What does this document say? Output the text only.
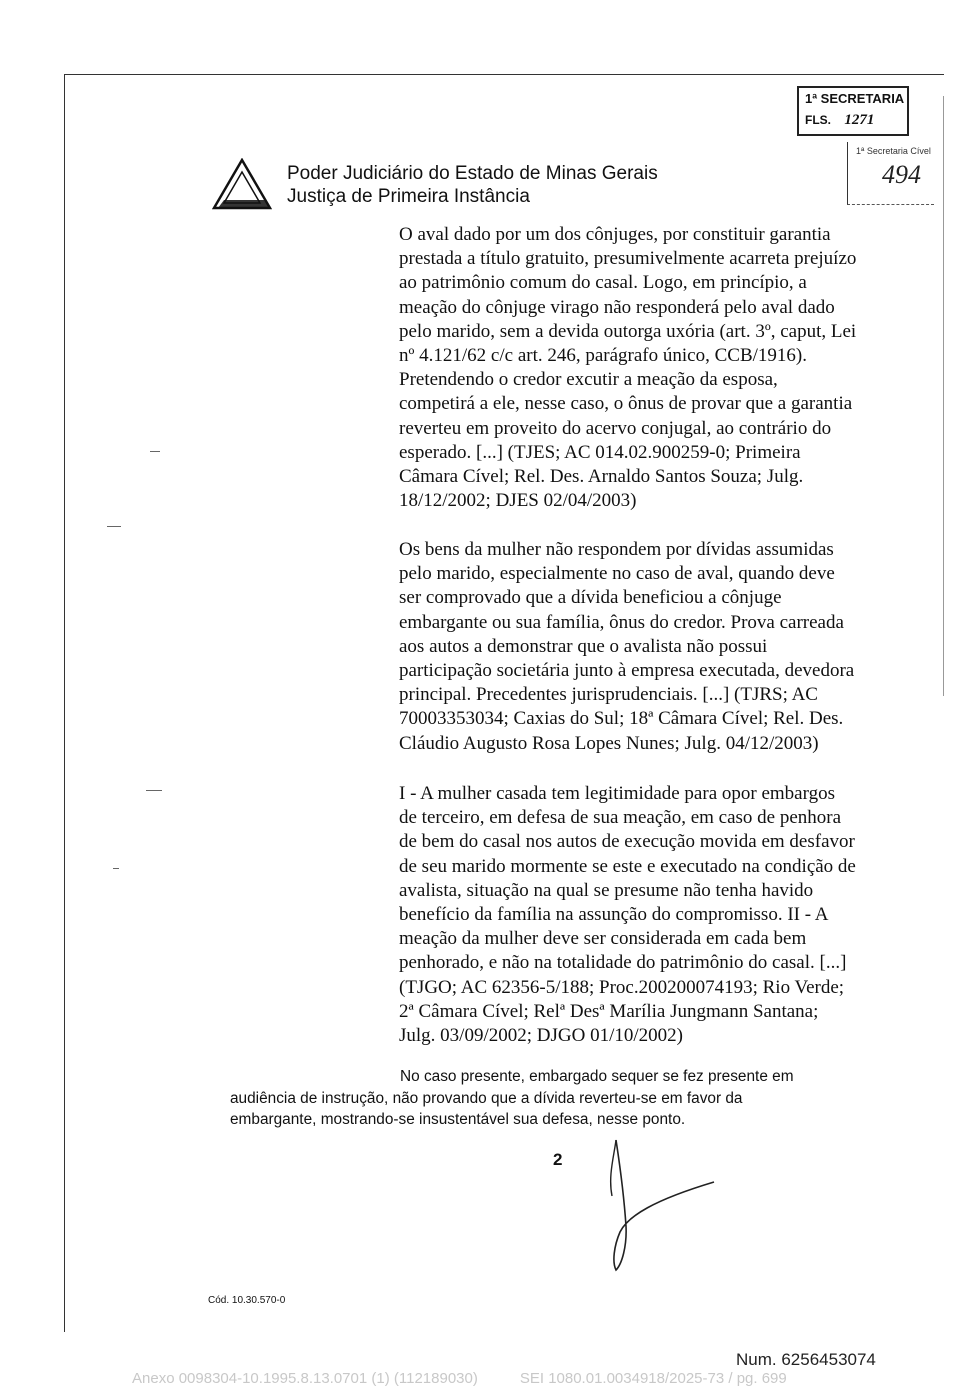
Poder Judiciário do Estado de Minas Gerais
Justiça de Primeira Instância
1ª SECRETARIA
FLS. 1271
1ª Secretaria Cível
494
O aval dado por um dos cônjuges, por constituir garantia
prestada a título gratuito, presumivelmente acarreta prejuízo
ao patrimônio comum do casal. Logo, em princípio, a
meação do cônjuge virago não responderá pelo aval dado
pelo marido, sem a devida outorga uxória (art. 3º, caput, Lei
nº 4.121/62 c/c art. 246, parágrafo único, CCB/1916).
Pretendendo o credor excutir a meação da esposa,
competirá a ele, nesse caso, o ônus de provar que a garantia
reverteu em proveito do acervo conjugal, ao contrário do
esperado. [...] (TJES; AC 014.02.900259-0; Primeira
Câmara Cível; Rel. Des. Arnaldo Santos Souza; Julg.
18/12/2002; DJES 02/04/2003)
Os bens da mulher não respondem por dívidas assumidas
pelo marido, especialmente no caso de aval, quando deve
ser comprovado que a dívida beneficiou a cônjuge
embargante ou sua família, ônus do credor. Prova carreada
aos autos a demonstrar que o avalista não possui
participação societária junto à empresa executada, devedora
principal. Precedentes jurisprudenciais. [...] (TJRS; AC
70003353034; Caxias do Sul; 18ª Câmara Cível; Rel. Des.
Cláudio Augusto Rosa Lopes Nunes; Julg. 04/12/2003)
I - A mulher casada tem legitimidade para opor embargos
de terceiro, em defesa de sua meação, em caso de penhora
de bem do casal nos autos de execução movida em desfavor
de seu marido mormente se este e executado na condição de
avalista, situação na qual se presume não tenha havido
benefício da família na assunção do compromisso. II - A
meação da mulher deve ser considerada em cada bem
penhorado, e não na totalidade do patrimônio do casal. [...]
(TJGO; AC 62356-5/188; Proc.200200074193; Rio Verde;
2ª Câmara Cível; Relª Desª Marília Jungmann Santana;
Julg. 03/09/2002; DJGO 01/10/2002)
No caso presente, embargado sequer se fez presente em
audiência de instrução, não provando que a dívida reverteu-se em favor da
embargante, mostrando-se insustentável sua defesa, nesse ponto.
2
Cód. 10.30.570-0
Num. 6256453074
Anexo 0098304-10.1995.8.13.0701 (1) (112189030)	SEI 1080.01.0034918/2025-73 / pg. 699
